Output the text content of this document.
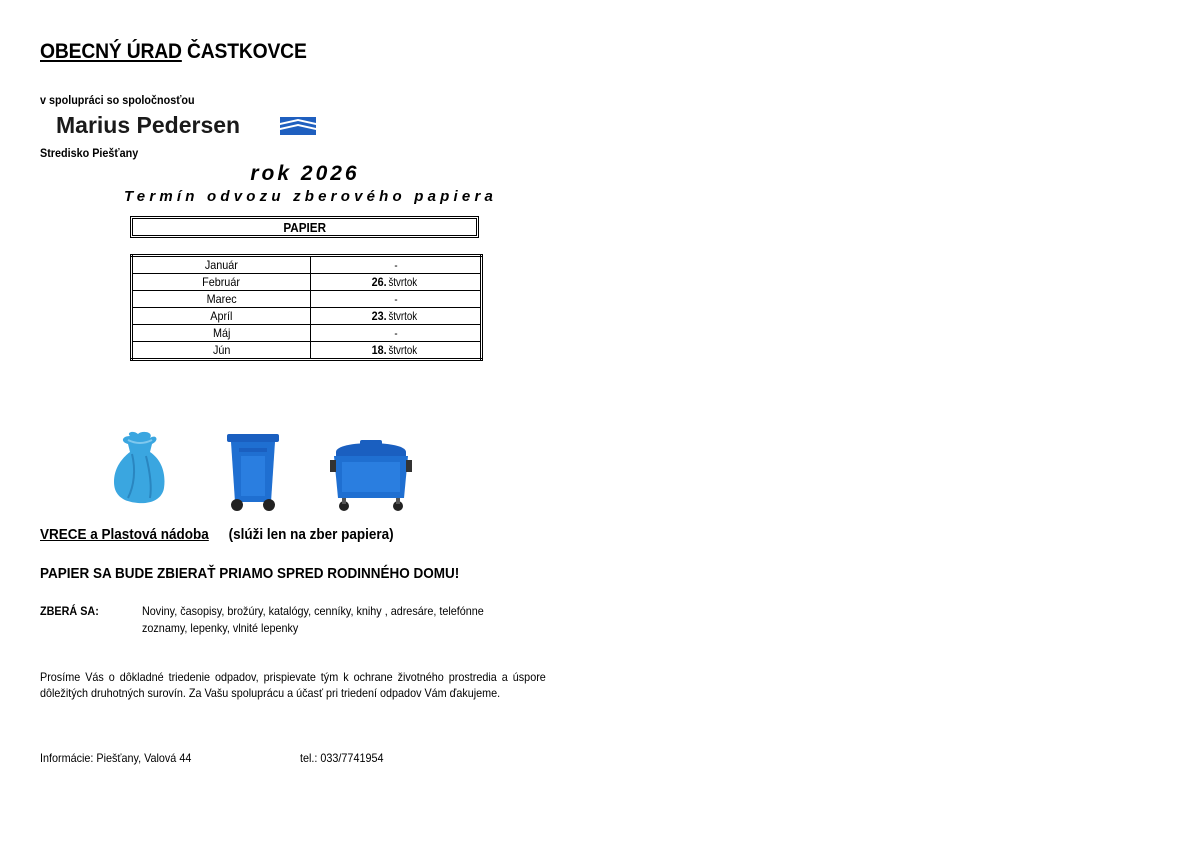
OBECNÝ ÚRAD ČASTKOVCE
v spolupráci so spoločnosťou
Marius Pedersen
Stredisko Piešťany
rok 2026
Termín odvozu zberového papiera
PAPIER
Január	-
Február	26.štvrtok
Marec	-
Apríl	23.štvrtok
Máj	-
Jún	18.štvrtok
VRECE a Plastová nádoba (slúži len na zber papiera)
PAPIER SA BUDE ZBIERAŤ PRIAMO SPRED RODINNÉHO DOMU!
ZBERÁ SA:	Noviny, časopisy, brožúry, katalógy, cenníky, knihy , adresáre, telefónne zoznamy, lepenky, vlnité lepenky
Prosíme Vás o dôkladné triedenie odpadov, prispievate tým k ochrane životného prostredia a úspore dôležitých druhotných surovín. Za Vašu spoluprácu a účasť pri triedení odpadov Vám ďakujeme.
Informácie: Piešťany, Valová 44	tel.: 033/7741954
